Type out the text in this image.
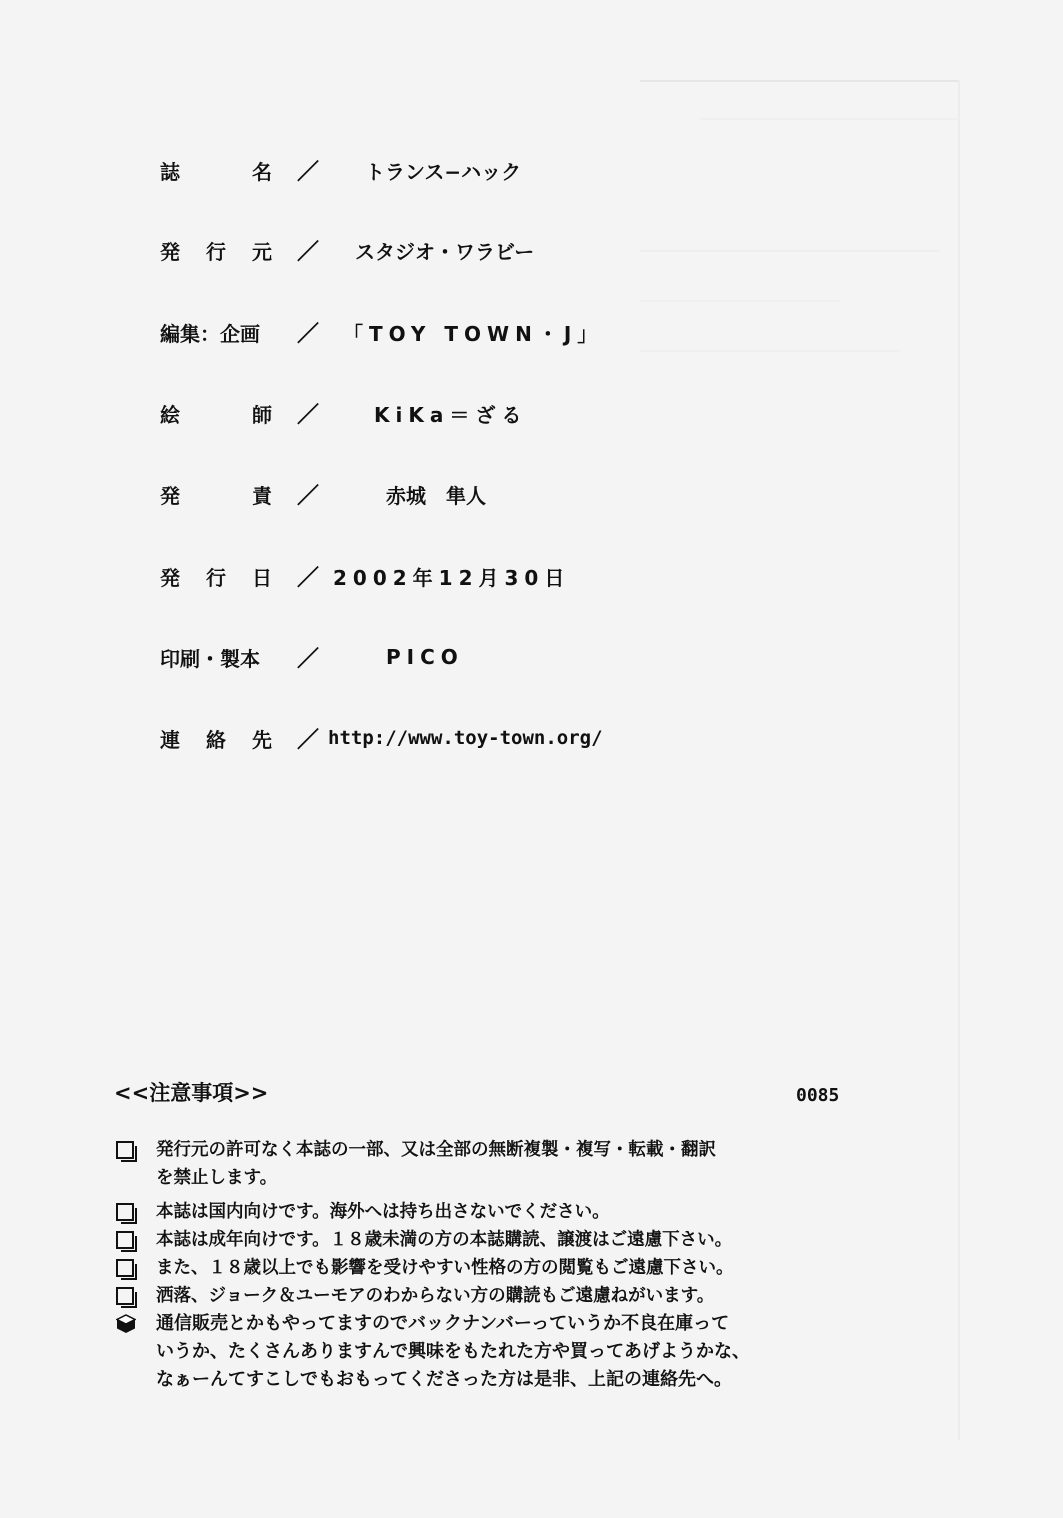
誌	名	／	トランス−ハック
発 行 元	／	スタジオ・ワラビー
編集：企画	／	「TOY TOWN・J」
絵	師	／	KiKa＝ざる
発	責	／	赤城　隼人
発 行 日	／ 2002年12月30日
印刷・製本	／	PICO
連 絡 先	／ http://www.toy-town.org/
<<注意事項>>	0085
発行元の許可なく本誌の一部、又は全部の無断複製・複写・転載・翻訳
を禁止します。
本誌は国内向けです。海外へは持ち出さないでください。
本誌は成年向けです。１８歳未満の方の本誌購読、譲渡はご遠慮下さい。
また、１８歳以上でも影響を受けやすい性格の方の閲覧もご遠慮下さい。
洒落、ジョーク＆ユーモアのわからない方の購読もご遠慮ねがいます。
通信販売とかもやってますのでバックナンバーっていうか不良在庫って
いうか、たくさんありますんで興味をもたれた方や買ってあげようかな、
なぁーんてすこしでもおもってくださった方は是非、上記の連絡先へ。
